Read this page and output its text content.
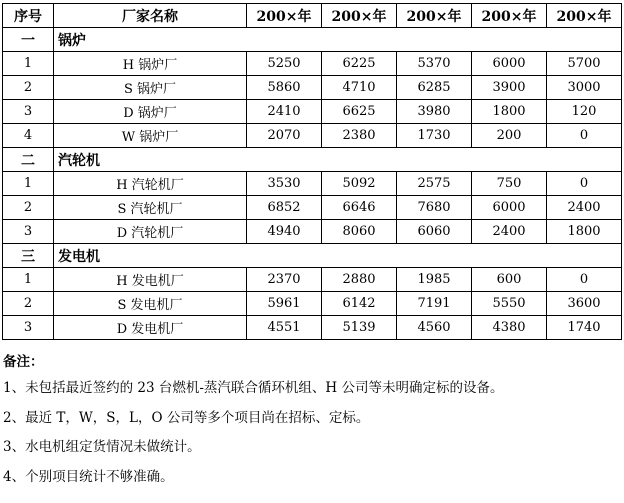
序号	厂家名称	200×年	200×年	200×年	200×年	200×年
一	锅炉					
1	H 锅炉厂	5250	6225	5370	6000	5700
2	S 锅炉厂	5860	4710	6285	3900	3000
3	D 锅炉厂	2410	6625	3980	1800	120
4	W 锅炉厂	2070	2380	1730	200	0
二	汽轮机					
1	H 汽轮机厂	3530	5092	2575	750	0
2	S 汽轮机厂	6852	6646	7680	6000	2400
3	D 汽轮机厂	4940	8060	6060	2400	1800
三	发电机					
1	H 发电机厂	2370	2880	1985	600	0
2	S 发电机厂	5961	6142	7191	5550	3600
3	D 发电机厂	4551	5139	4560	4380	1740
备注：
1、未包括最近签约的 23 台燃机-蒸汽联合循环机组、H 公司等未明确定标的设备。
2、最近 T，W，S，L，O 公司等多个项目尚在招标、定标。
3、水电机组定货情况未做统计。
4、个别项目统计不够准确。
